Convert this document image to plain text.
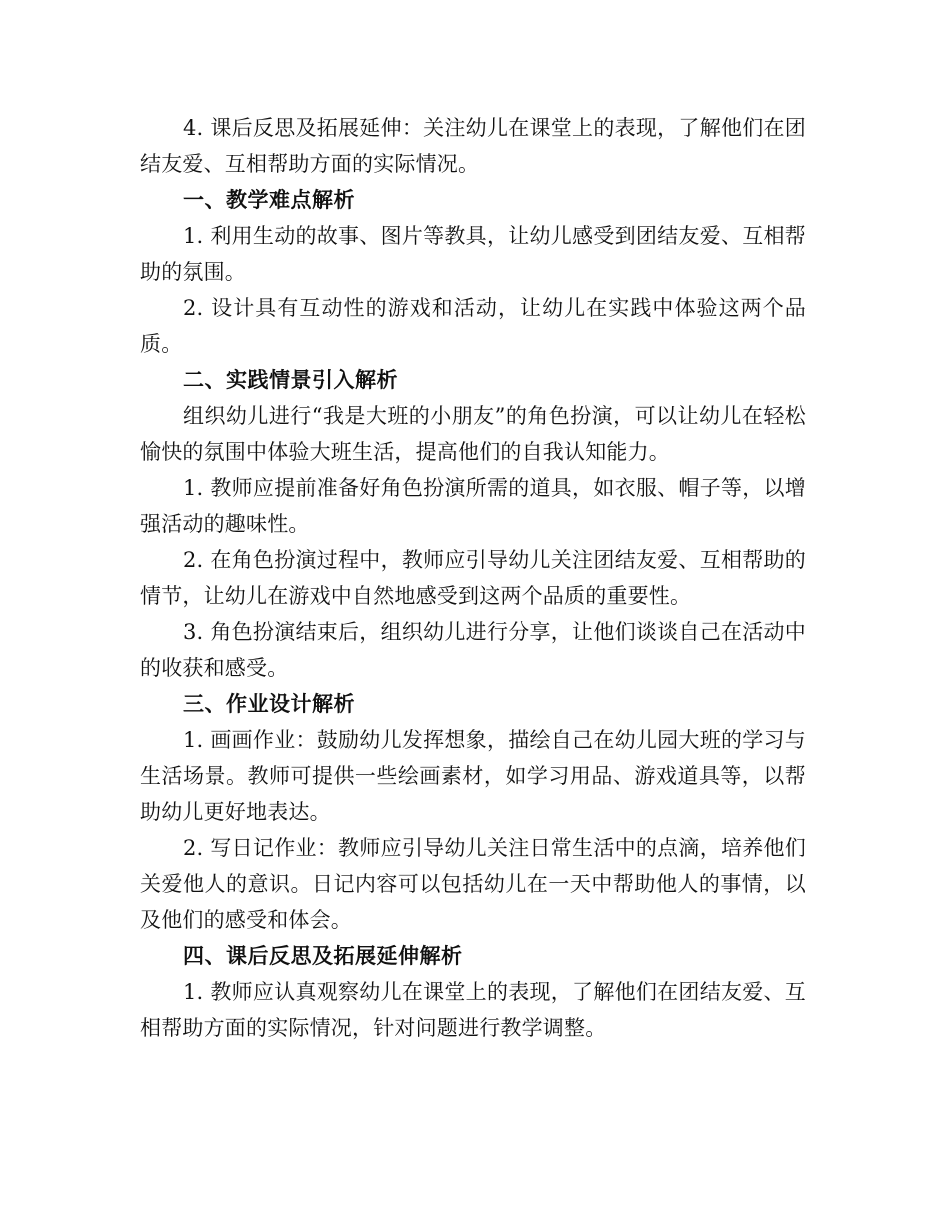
4. 课后反思及拓展延伸：关注幼儿在课堂上的表现，了解他们在团结友爱、互相帮助方面的实际情况。

一、教学难点解析

1. 利用生动的故事、图片等教具，让幼儿感受到团结友爱、互相帮助的氛围。

2. 设计具有互动性的游戏和活动，让幼儿在实践中体验这两个品质。

二、实践情景引入解析

组织幼儿进行“我是大班的小朋友”的角色扮演，可以让幼儿在轻松愉快的氛围中体验大班生活，提高他们的自我认知能力。

1. 教师应提前准备好角色扮演所需的道具，如衣服、帽子等，以增强活动的趣味性。

2. 在角色扮演过程中，教师应引导幼儿关注团结友爱、互相帮助的情节，让幼儿在游戏中自然地感受到这两个品质的重要性。

3. 角色扮演结束后，组织幼儿进行分享，让他们谈谈自己在活动中的收获和感受。

三、作业设计解析

1. 画画作业：鼓励幼儿发挥想象，描绘自己在幼儿园大班的学习与生活场景。教师可提供一些绘画素材，如学习用品、游戏道具等，以帮助幼儿更好地表达。

2. 写日记作业：教师应引导幼儿关注日常生活中的点滴，培养他们关爱他人的意识。日记内容可以包括幼儿在一天中帮助他人的事情，以及他们的感受和体会。

四、课后反思及拓展延伸解析

1. 教师应认真观察幼儿在课堂上的表现，了解他们在团结友爱、互相帮助方面的实际情况，针对问题进行教学调整。
